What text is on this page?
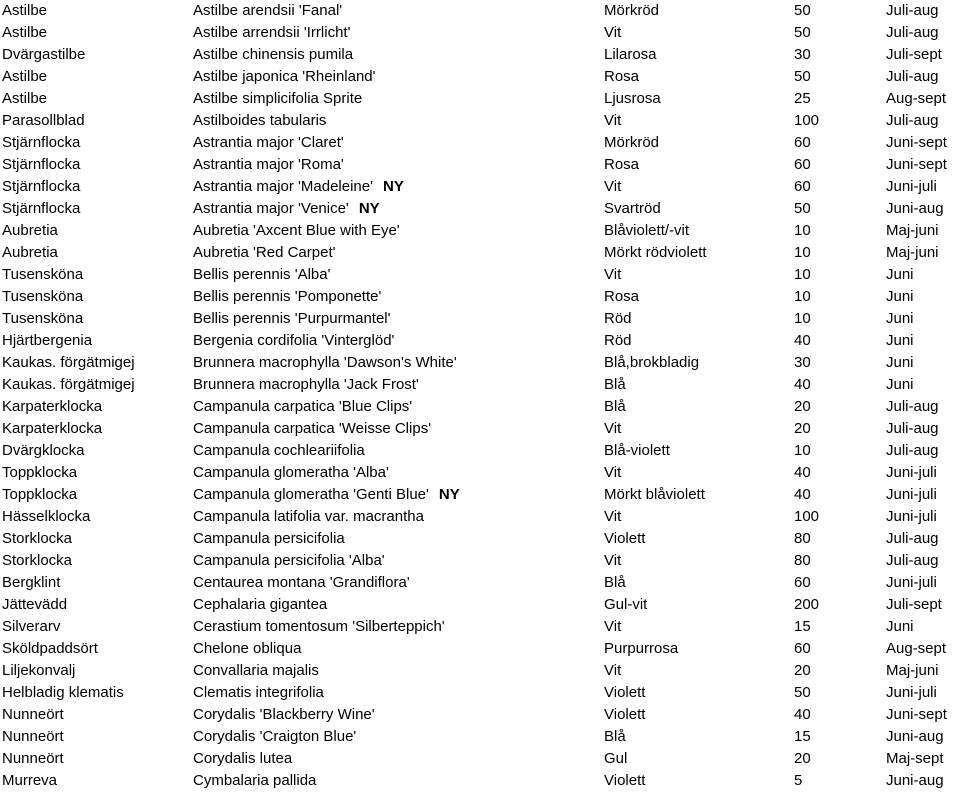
Astilbe	Astilbe arendsii 'Fanal'	Mörkröd	50	Juli-aug
Astilbe	Astilbe arrendsii 'Irrlicht'	Vit	50	Juli-aug
Dvärgastilbe	Astilbe chinensis pumila	Lilarosa	30	Juli-sept
Astilbe	Astilbe japonica 'Rheinland'	Rosa	50	Juli-aug
Astilbe	Astilbe simplicifolia Sprite	Ljusrosa	25	Aug-sept
Parasollblad	Astilboides tabularis	Vit	100	Juli-aug
Stjärnflocka	Astrantia major 'Claret'	Mörkröd	60	Juni-sept
Stjärnflocka	Astrantia major 'Roma'	Rosa	60	Juni-sept
Stjärnflocka	Astrantia major 'Madeleine' NY	Vit	60	Juni-juli
Stjärnflocka	Astrantia major 'Venice' NY	Svartröd	50	Juni-aug
Aubretia	Aubretia 'Axcent Blue with Eye'	Blåviolett/-vit	10	Maj-juni
Aubretia	Aubretia 'Red Carpet'	Mörkt rödviolett	10	Maj-juni
Tusensköna	Bellis perennis 'Alba'	Vit	10	Juni
Tusensköna	Bellis perennis 'Pomponette'	Rosa	10	Juni
Tusensköna	Bellis perennis 'Purpurmantel'	Röd	10	Juni
Hjärtbergenia	Bergenia cordifolia 'Vinterglöd'	Röd	40	Juni
Kaukas. förgätmigej	Brunnera macrophylla 'Dawson's White'	Blå,brokbladig	30	Juni
Kaukas. förgätmigej	Brunnera macrophylla 'Jack Frost'	Blå	40	Juni
Karpaterklocka	Campanula carpatica 'Blue Clips'	Blå	20	Juli-aug
Karpaterklocka	Campanula carpatica 'Weisse Clips'	Vit	20	Juli-aug
Dvärgklocka	Campanula cochleariifolia	Blå-violett	10	Juli-aug
Toppklocka	Campanula glomeratha 'Alba'	Vit	40	Juni-juli
Toppklocka	Campanula glomeratha 'Genti Blue' NY	Mörkt blåviolett	40	Juni-juli
Hässelklocka	Campanula latifolia var. macrantha	Vit	100	Juni-juli
Storklocka	Campanula persicifolia	Violett	80	Juli-aug
Storklocka	Campanula persicifolia 'Alba'	Vit	80	Juli-aug
Bergklint	Centaurea montana 'Grandiflora'	Blå	60	Juni-juli
Jättevädd	Cephalaria gigantea	Gul-vit	200	Juli-sept
Silverarv	Cerastium tomentosum 'Silberteppich'	Vit	15	Juni
Sköldpaddsört	Chelone obliqua	Purpurrosa	60	Aug-sept
Liljekonvalj	Convallaria majalis	Vit	20	Maj-juni
Helbladig klematis	Clematis integrifolia	Violett	50	Juni-juli
Nunneört	Corydalis 'Blackberry Wine'	Violett	40	Juni-sept
Nunneört	Corydalis 'Craigton Blue'	Blå	15	Juni-aug
Nunneört	Corydalis lutea	Gul	20	Maj-sept
Murreva	Cymbalaria pallida	Violett	5	Juni-aug
